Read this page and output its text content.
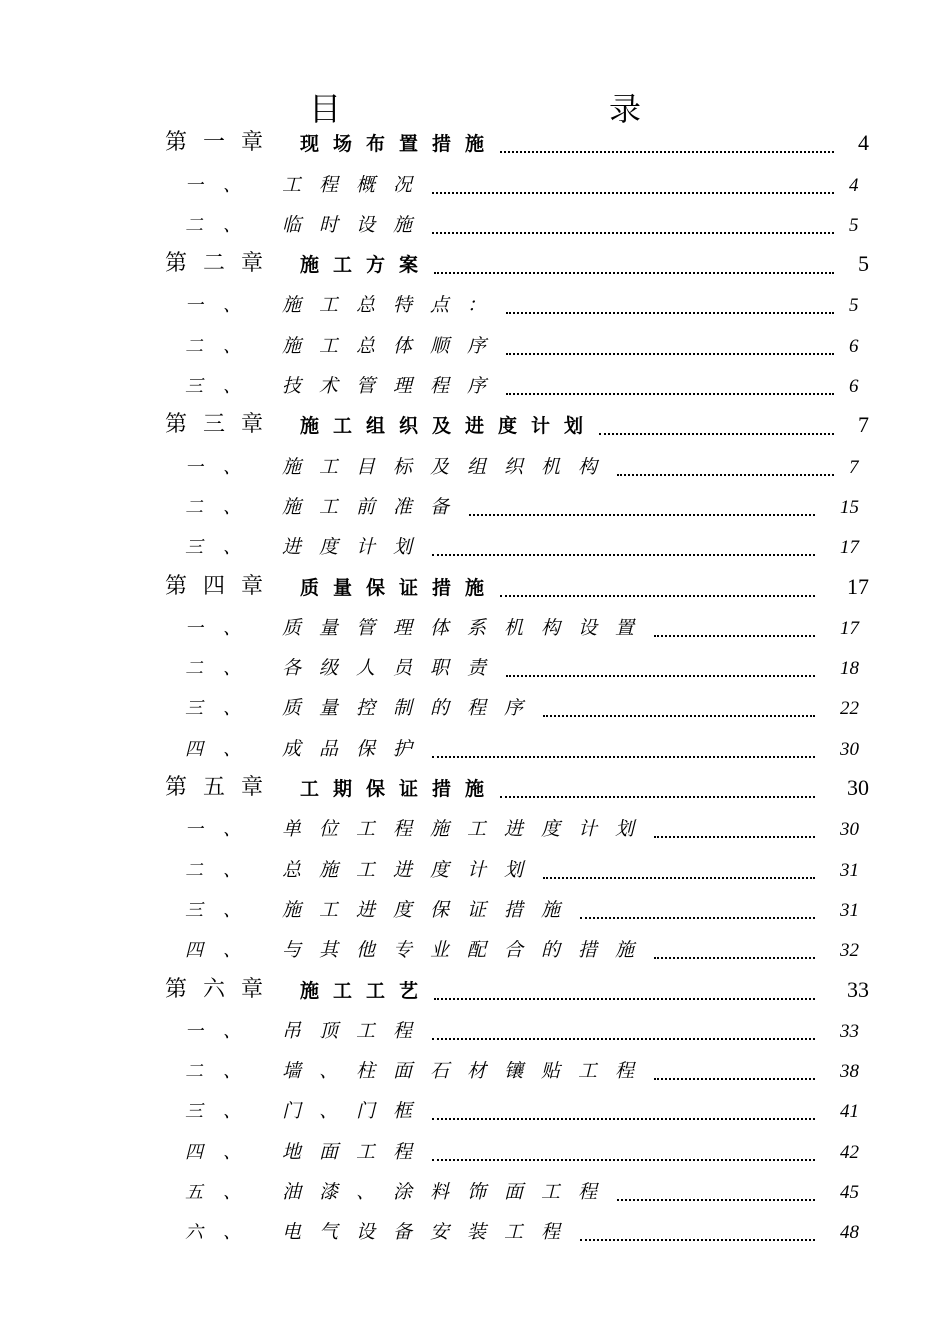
目　录
第一章 现场布置措施	4
一、 工程概况	4
二、 临时设施	5
第二章 施工方案	5
一、 施工总特点：	5
二、 施工总体顺序	6
三、 技术管理程序	6
第三章 施工组织及进度计划	7
一、 施工目标及组织机构	7
二、 施工前准备	15
三、 进度计划	17
第四章 质量保证措施	17
一、 质量管理体系机构设置	17
二、 各级人员职责	18
三、 质量控制的程序	22
四、 成品保护	30
第五章 工期保证措施	30
一、 单位工程施工进度计划	30
二、 总施工进度计划	31
三、 施工进度保证措施	31
四、 与其他专业配合的措施	32
第六章 施工工艺	33
一、 吊顶工程	33
二、 墙、柱面石材镶贴工程	38
三、 门、门框	41
四、 地面工程	42
五、 油漆、涂料饰面工程	45
六、 电气设备安装工程	48
